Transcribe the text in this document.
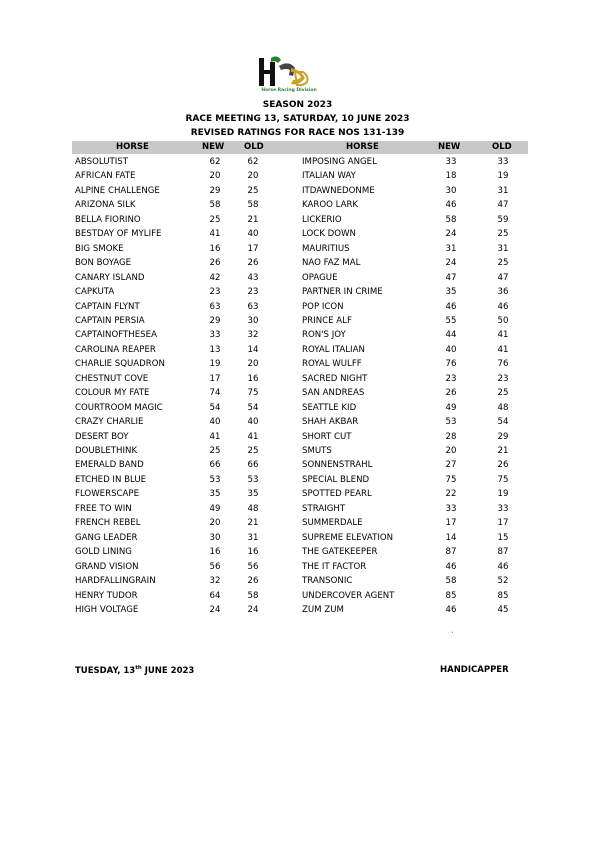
Horse Racing Division
SEASON 2023
RACE MEETING 13, SATURDAY, 10 JUNE 2023
REVISED RATINGS FOR RACE NOS 131-139
HORSE	NEW OLD	HORSE	NEW	OLD
ABSOLUTIST	62	62	IMPOSING ANGEL	33	33
AFRICAN FATE	20	20	ITALIAN WAY	18	19
ALPINE CHALLENGE	29	25	ITDAWNEDONME	30	31
ARIZONA SILK	58	58	KAROO LARK	46	47
BELLA FIORINO	25	21	LICKERIO	58	59
BESTDAY OF MYLIFE	41	40	LOCK DOWN	24	25
BIG SMOKE	16	17	MAURITIUS	31	31
BON BOYAGE	26	26	NAO FAZ MAL	24	25
CANARY ISLAND	42	43	OPAGUE	47	47
CAPKUTA	23	23	PARTNER IN CRIME	35	36
CAPTAIN FLYNT	63	63	POP ICON	46	46
CAPTAIN PERSIA	29	30	PRINCE ALF	55	50
CAPTAINOFTHESEA	33	32	RON'S JOY	44	41
CAROLINA REAPER	13	14	ROYAL ITALIAN	40	41
CHARLIE SQUADRON	19	20	ROYAL WULFF	76	76
CHESTNUT COVE	17	16	SACRED NIGHT	23	23
COLOUR MY FATE	74	75	SAN ANDREAS	26	25
COURTROOM MAGIC	54	54	SEATTLE KID	49	48
CRAZY CHARLIE	40	40	SHAH AKBAR	53	54
DESERT BOY	41	41	SHORT CUT	28	29
DOUBLETHINK	25	25	SMUTS	20	21
EMERALD BAND	66	66	SONNENSTRAHL	27	26
ETCHED IN BLUE	53	53	SPECIAL BLEND	75	75
FLOWERSCAPE	35	35	SPOTTED PEARL	22	19
FREE TO WIN	49	48	STRAIGHT	33	33
FRENCH REBEL	20	21	SUMMERDALE	17	17
GANG LEADER	30	31	SUPREME ELEVATION	14	15
GOLD LINING	16	16	THE GATEKEEPER	87	87
GRAND VISION	56	56	THE IT FACTOR	46	46
HARDFALLINGRAIN	32	26	TRANSONIC	58	52
HENRY TUDOR	64	58	UNDERCOVER AGENT	85	85
HIGH VOLTAGE	24	24	ZUM ZUM	46	45
`
TUESDAY, 13th JUNE 2023	HANDICAPPER
